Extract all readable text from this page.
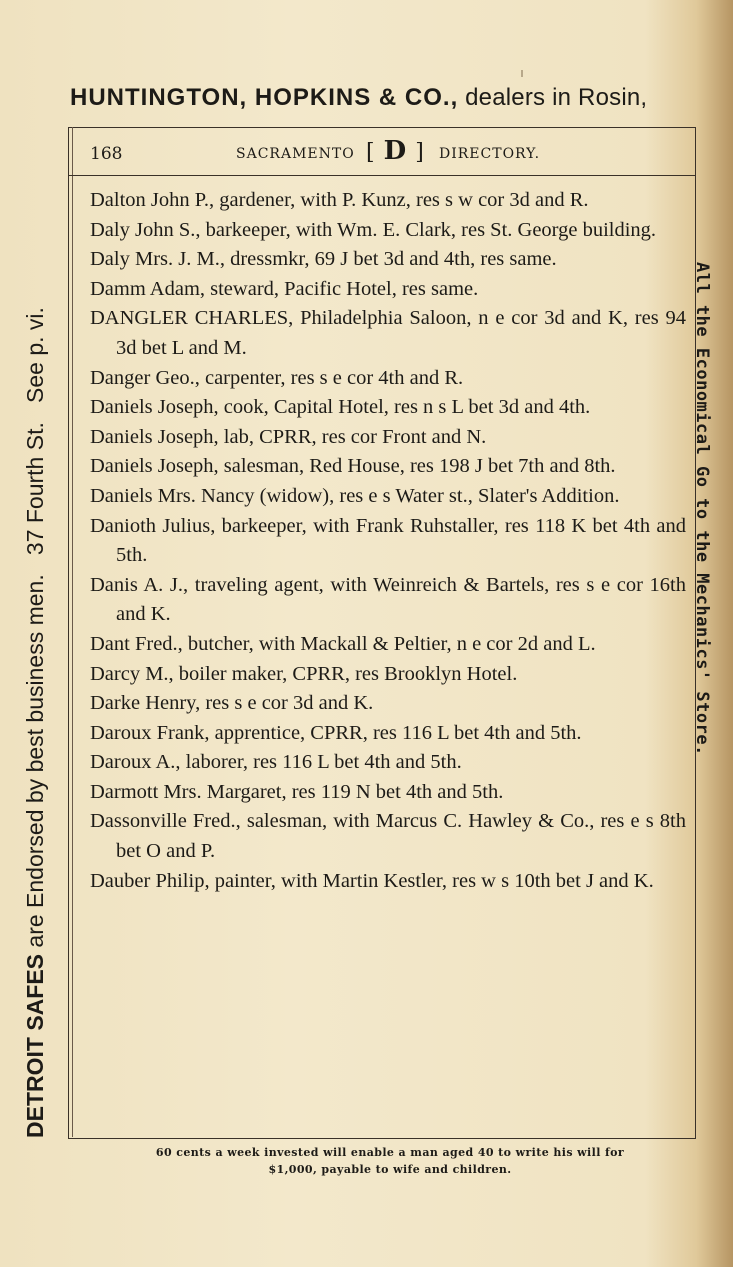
HUNTINGTON, HOPKINS & CO., dealers in Rosin,
DETROIT SAFES are Endorsed by best business men.   37 Fourth St.   See p. vi.	All the Economical Go to the Mechanics' Store.
168	SACRAMENTO [ D ] DIRECTORY.
Dalton John P., gardener, with P. Kunz, res s w cor 3d and R.
Daly John S., barkeeper, with Wm. E. Clark, res St. George building.
Daly Mrs. J. M., dressmkr, 69 J bet 3d and 4th, res same.
Damm Adam, steward, Pacific Hotel, res same.
DANGLER CHARLES, Philadelphia Saloon, n e cor 3d and K, res 94 3d bet L and M.
Danger Geo., carpenter, res s e cor 4th and R.
Daniels Joseph, cook, Capital Hotel, res n s L bet 3d and 4th.
Daniels Joseph, lab, CPRR, res cor Front and N.
Daniels Joseph, salesman, Red House, res 198 J bet 7th and 8th.
Daniels Mrs. Nancy (widow), res e s Water st., Slater's Addition.
Danioth Julius, barkeeper, with Frank Ruhstaller, res 118 K bet 4th and 5th.
Danis A. J., traveling agent, with Weinreich & Bartels, res s e cor 16th and K.
Dant Fred., butcher, with Mackall & Peltier, n e cor 2d and L.
Darcy M., boiler maker, CPRR, res Brooklyn Hotel.
Darke Henry, res s e cor 3d and K.
Daroux Frank, apprentice, CPRR, res 116 L bet 4th and 5th.
Daroux A., laborer, res 116 L bet 4th and 5th.
Darmott Mrs. Margaret, res 119 N bet 4th and 5th.
Dassonville Fred., salesman, with Marcus C. Hawley & Co., res e s 8th bet O and P.
Dauber Philip, painter, with Martin Kestler, res w s 10th bet J and K.
60 cents a week invested will enable a man aged 40 to write his will for
$1,000, payable to wife and children.
